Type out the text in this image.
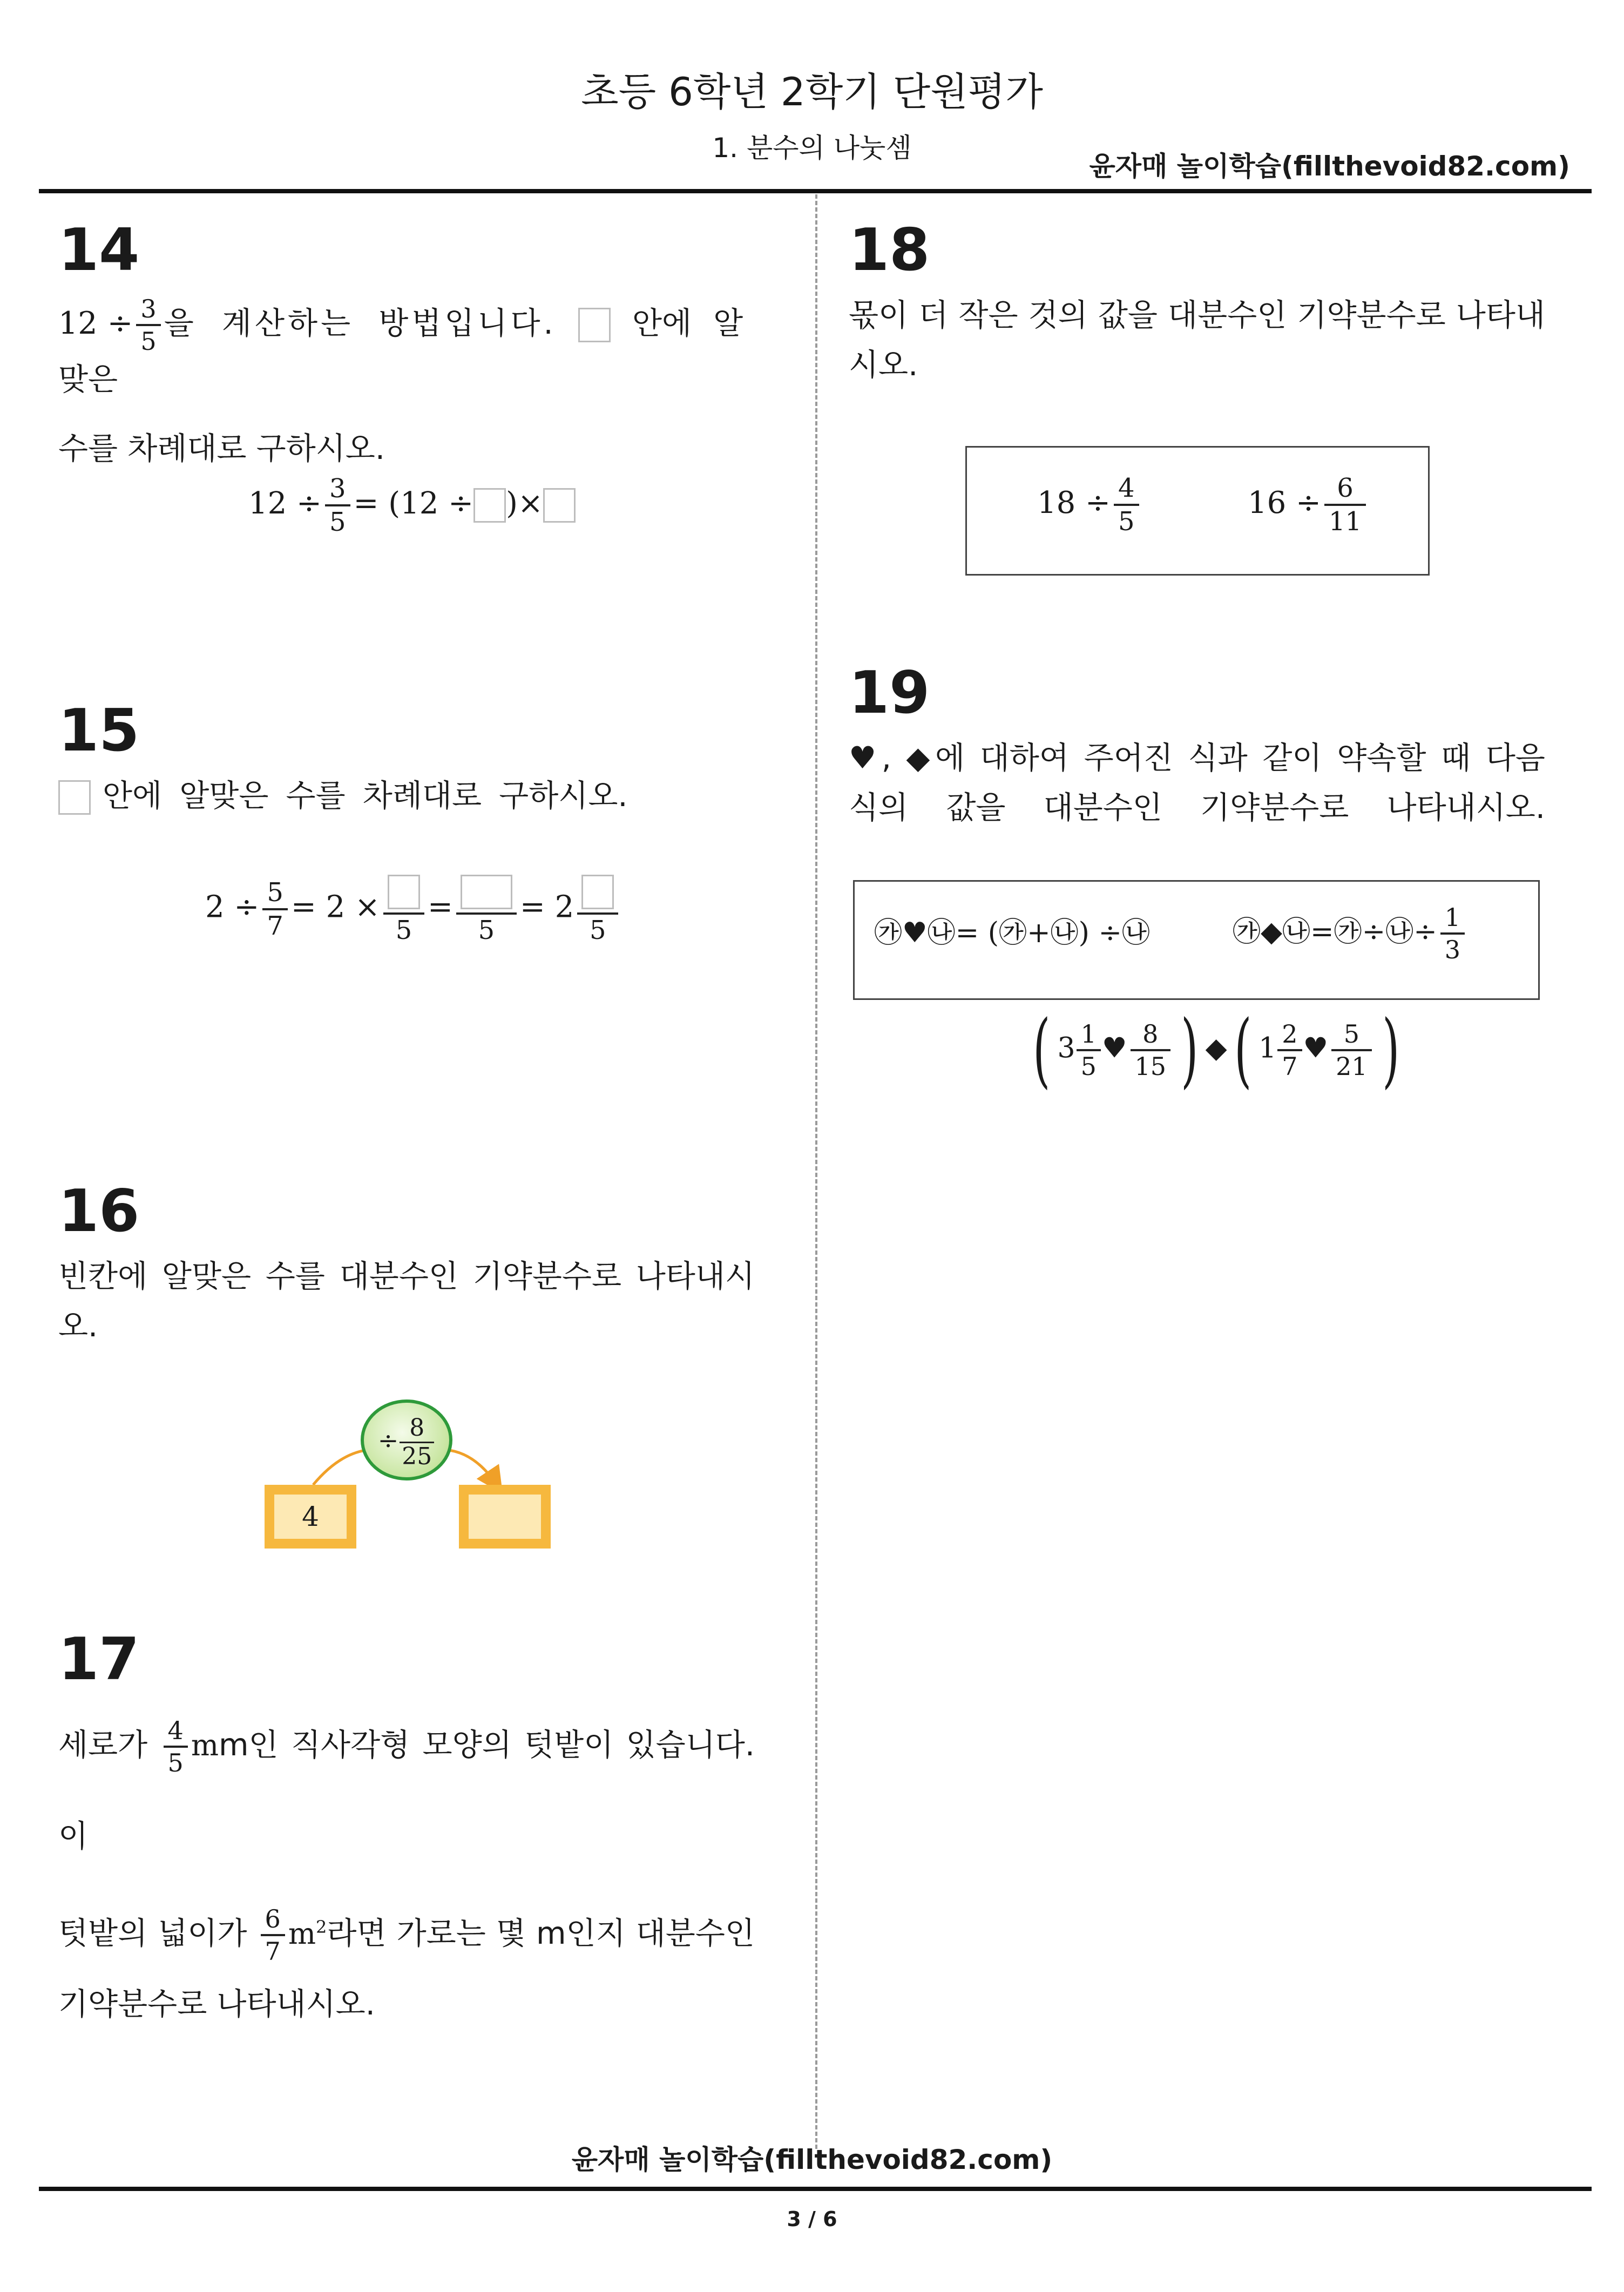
초등 6학년 2학기 단원평가
1. 분수의 나눗셈
윤자매 놀이학습(fillthevoid82.com)
14
$12 \div \frac{3}{5}$ 을 계산하는 방법입니다. 안에 알맞은
수를 차례대로 구하시오.
$12 \div \frac{3}{5} = (12$ ÷ )×
15
안에 알맞은 수를 차례대로 구하시오.
$2 \div \frac{5}{7} = 2$ ×
5
=
5
= 2
5
16
빈칸에 알맞은 수를 대분수인 기약분수로 나타내시
오.
÷ $\frac{8}{25}$
4
17
세로가 $\frac{4}{5}$ mm인 직사각형 모양의 텃밭이 있습니다. 이
텃밭의 넓이가 $\frac{6}{7} m^2$라면 가로는 몇 m인지 대분수인
기약분수로 나타내시오.
18
몫이 더 작은 것의 값을 대분수인 기약분수로 나타내
시오.
$18 \div \frac{4}{5}$	$16 \div \frac{6}{11}$
19
♥, ◆에 대하여 주어진 식과 같이 약속할 때 다음
식의 값을 대분수인 기약분수로 나타내시오.
㉮♥㉯= (㉮+㉯) ÷㉯	㉮◆㉯=㉮÷㉯÷ $\frac{1}{3}$
( $3 \frac{1}{5}$ ♥ $\frac{8}{15}$ ) ◆( $1 \frac{2}{7}$ ♥ $\frac{5}{21}$ )
윤자매 놀이학습(fillthevoid82.com)
3 / 6
